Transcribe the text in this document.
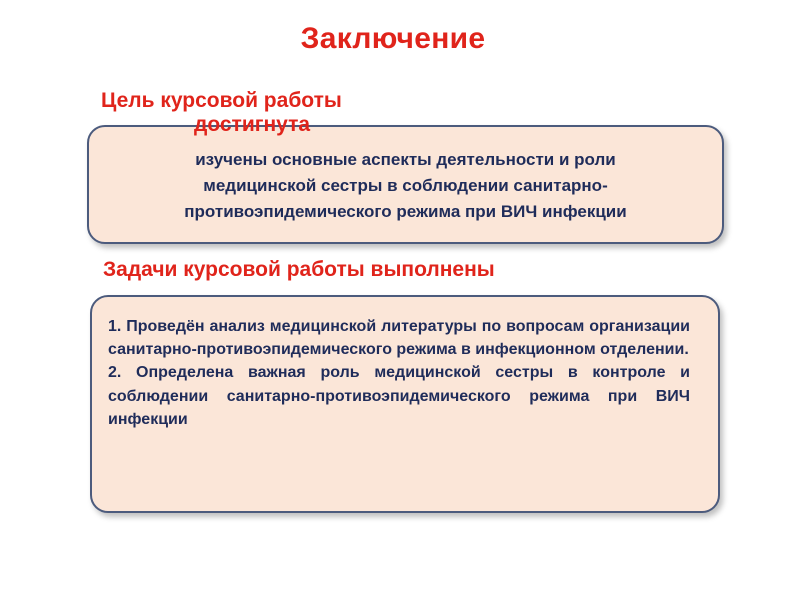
Заключение
Цель курсовой работы
достигнута
изучены основные аспекты деятельности и роли
медицинской сестры в соблюдении санитарно-
противоэпидемического режима при ВИЧ инфекции
Задачи курсовой работы выполнены

1. Проведён анализ медицинской литературы по вопросам организации санитарно-противоэпидемического режима в инфекционном отделении.

2. Определена важная роль медицинской сестры в контроле и соблюдении санитарно-противоэпидемического режима при ВИЧ инфекции
